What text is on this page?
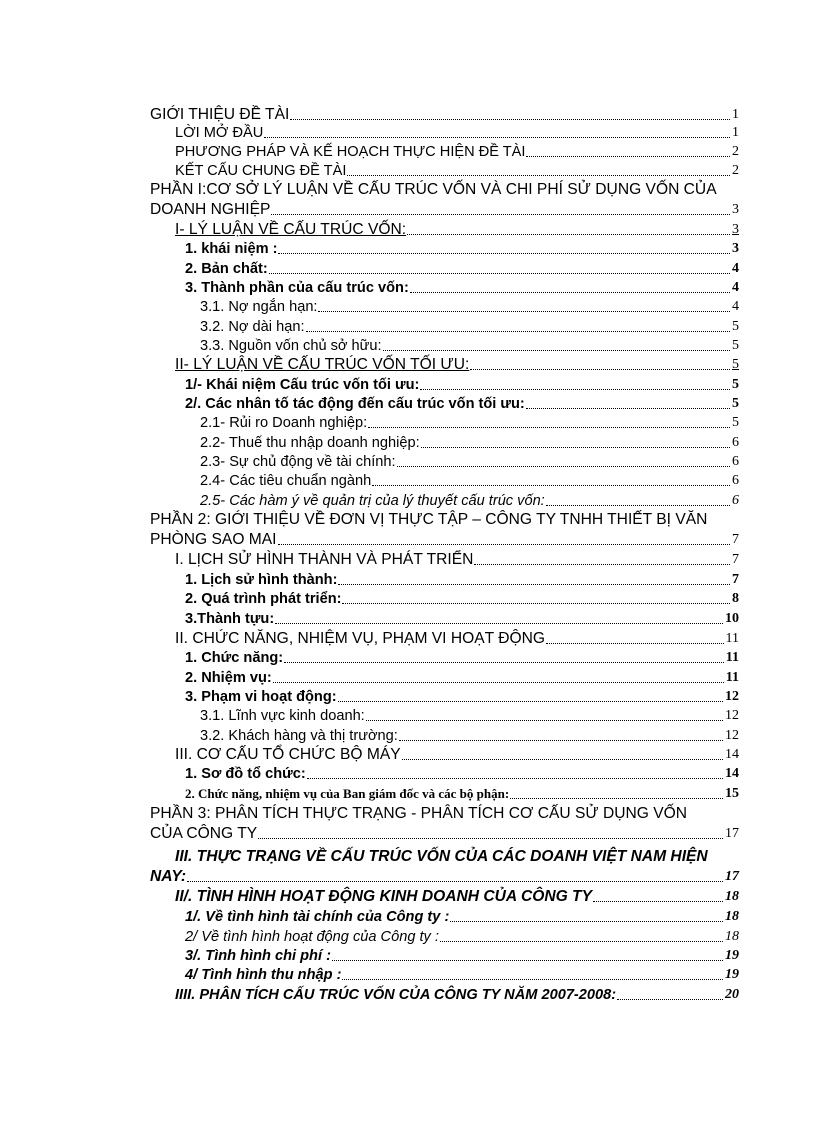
GIỚI THIỆU ĐỀ TÀI	1
LỜI MỞ ĐẦU	1
PHƯƠNG PHÁP VÀ KẾ HOẠCH THỰC HIỆN ĐỀ TÀI	2
KẾT CẤU CHUNG ĐỀ TÀI	2
PHẦN I:CƠ SỞ LÝ LUẬN VỀ CẤU TRÚC VỐN VÀ CHI PHÍ SỬ DỤNG VỐN CỦA
DOANH NGHIỆP	3
I- LÝ LUẬN VỀ CẤU TRÚC VỐN:	3
1. khái niệm :	3
2. Bản chất:	4
3. Thành phần của cấu trúc vốn:	4
3.1. Nợ ngắn hạn:	4
3.2. Nợ dài hạn:	5
3.3. Nguồn vốn chủ sở hữu:	5
II- LÝ LUẬN VỀ CẤU TRÚC VỐN TỐI ƯU:	5
1/- Khái niệm Cấu trúc vốn tối ưu:	5
2/. Các nhân tố tác động đến cấu trúc vốn tối ưu:	5
2.1- Rủi ro Doanh nghiệp:	5
2.2- Thuế thu nhập doanh nghiệp:	6
2.3- Sự chủ động về tài chính:	6
2.4- Các tiêu chuẩn ngành	6
2.5- Các hàm ý về quản trị của lý thuyết cấu trúc vốn:	6
PHẦN 2: GIỚI THIỆU VỀ ĐƠN VỊ THỰC TẬP – CÔNG TY TNHH THIẾT BỊ VĂN
PHÒNG SAO MAI	7
I. LỊCH SỬ HÌNH THÀNH VÀ PHÁT TRIỂN	7
1. Lịch sử hình thành:	7
2. Quá trình phát triển:	8
3.Thành tựu:	10
II. CHỨC NĂNG, NHIỆM VỤ, PHẠM VI HOẠT ĐỘNG	11
1. Chức năng:	11
2. Nhiệm vụ:	11
3. Phạm vi hoạt động:	12
3.1. Lĩnh vực kinh doanh:	12
3.2. Khách hàng và thị trường:	12
III. CƠ CẤU TỔ CHỨC BỘ MÁY	14
1. Sơ đồ tổ chức:	14
2. Chức năng, nhiệm vụ của Ban giám đốc và các bộ phận:	15
PHẦN 3: PHÂN TÍCH THỰC TRẠNG - PHÂN TÍCH CƠ CẤU SỬ DỤNG VỐN
CỦA CÔNG TY	17
III. THỰC TRẠNG VỀ CẤU TRÚC VỐN CỦA CÁC DOANH VIỆT NAM HIỆN
NAY:	17
II/. TÌNH HÌNH HOẠT ĐỘNG KINH DOANH CỦA CÔNG TY	18
1/. Về tình hình tài chính của Công ty :	18
2/ Về tình hình hoạt động của Công ty :	18
3/. Tình hình chi phí :	19
4/ Tình hình thu nhập :	19
IIII. PHÂN TÍCH CẤU TRÚC VỐN CỦA CÔNG TY NĂM 2007-2008:	20
